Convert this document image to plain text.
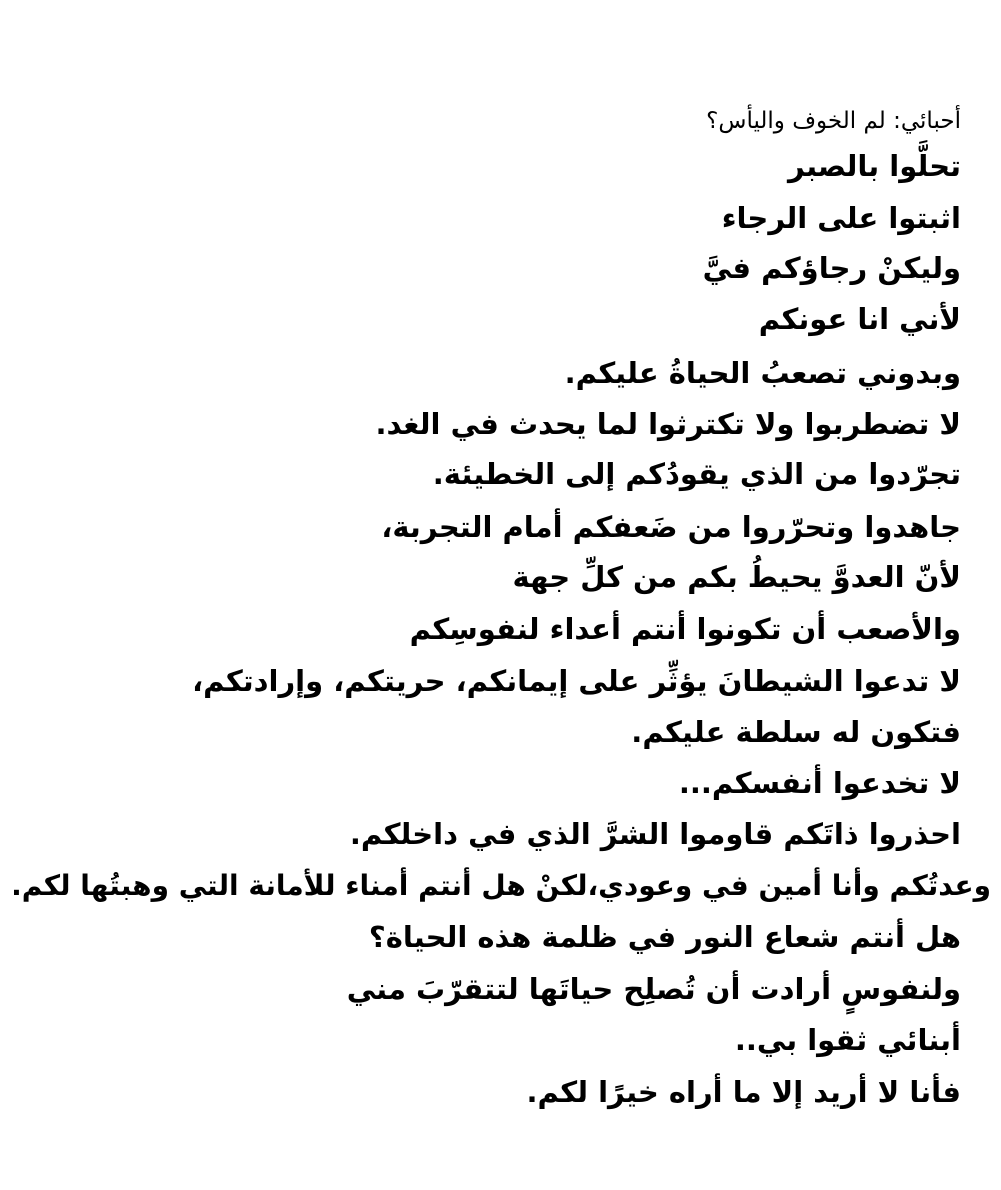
أحبائي: لم الخوف واليأس؟
تحلَّوا بالصبر
اثبتوا على الرجاء
وليكنْ رجاؤكم فيَّ
لأني انا عونكم
وبدوني تصعبُ الحياةُ عليكم.
لا تضطربوا ولا تكترثوا لما يحدث في الغد.
تجرّدوا من الذي يقودُكم إلى الخطيئة.
جاهدوا وتحرّروا من ضَعفكم أمام التجربة،
لأنّ العدوَّ يحيطُ بكم من كلِّ جهة
والأصعب أن تكونوا أنتم أعداء لنفوسِكم
لا تدعوا الشيطانَ يؤثِّر على إيمانكم، حريتكم، وإرادتكم،
فتكون له سلطة عليكم.
لا تخدعوا أنفسكم...
احذروا ذاتَكم قاوموا الشرَّ الذي في داخلكم.
وعدتُكم وأنا أمين في وعودي،لكنْ هل أنتم أمناء للأمانة التي وهبتُها لكم.
هل أنتم شعاع النور في ظلمة هذه الحياة؟
ولنفوسٍ أرادت أن تُصلِح حياتَها لتتقرّبَ مني
أبنائي ثقوا بي..
فأنا لا أريد إلا ما أراه خيرًا لكم.
